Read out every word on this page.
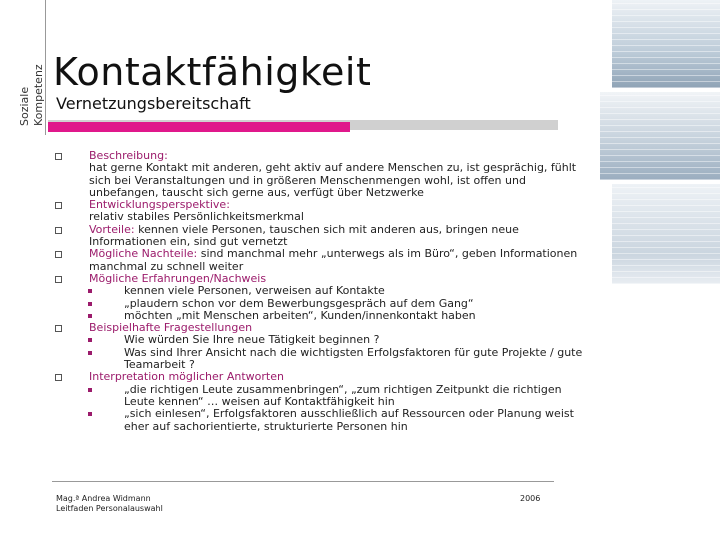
Soziale Kompetenz Kontaktfähigkeit
Vernetzungsbereitschaft
Beschreibung:
hat gerne Kontakt mit anderen, geht aktiv auf andere Menschen zu, ist gesprächig, fühlt sich bei Veranstaltungen und in größeren Menschenmengen wohl, ist offen und unbefangen, tauscht sich gerne aus, verfügt über Netzwerke
Entwicklungsperspektive:
relativ stabiles Persönlichkeitsmerkmal
Vorteile: kennen viele Personen, tauschen sich mit anderen aus, bringen neue Informationen ein, sind gut vernetzt
Mögliche Nachteile: sind manchmal mehr „unterwegs als im Büro“, geben Informationen manchmal zu schnell weiter
Mögliche Erfahrungen/Nachweis
kennen viele Personen, verweisen auf Kontakte
„plaudern schon vor dem Bewerbungsgespräch auf dem Gang“
möchten „mit Menschen arbeiten“, Kunden/innenkontakt haben
Beispielhafte Fragestellungen
Wie würden Sie Ihre neue Tätigkeit beginnen ?
Was sind Ihrer Ansicht nach die wichtigsten Erfolgsfaktoren für gute Projekte / gute Teamarbeit ?
Interpretation möglicher Antworten
„die richtigen Leute zusammenbringen“, „zum richtigen Zeitpunkt die richtigen Leute kennen“ … weisen auf Kontaktfähigkeit hin
„sich einlesen“, Erfolgsfaktoren ausschließlich auf Ressourcen oder Planung weist eher auf sachorientierte, strukturierte Personen hin
Mag.ª Andrea Widmann
Leitfaden Personalauswahl
2006
